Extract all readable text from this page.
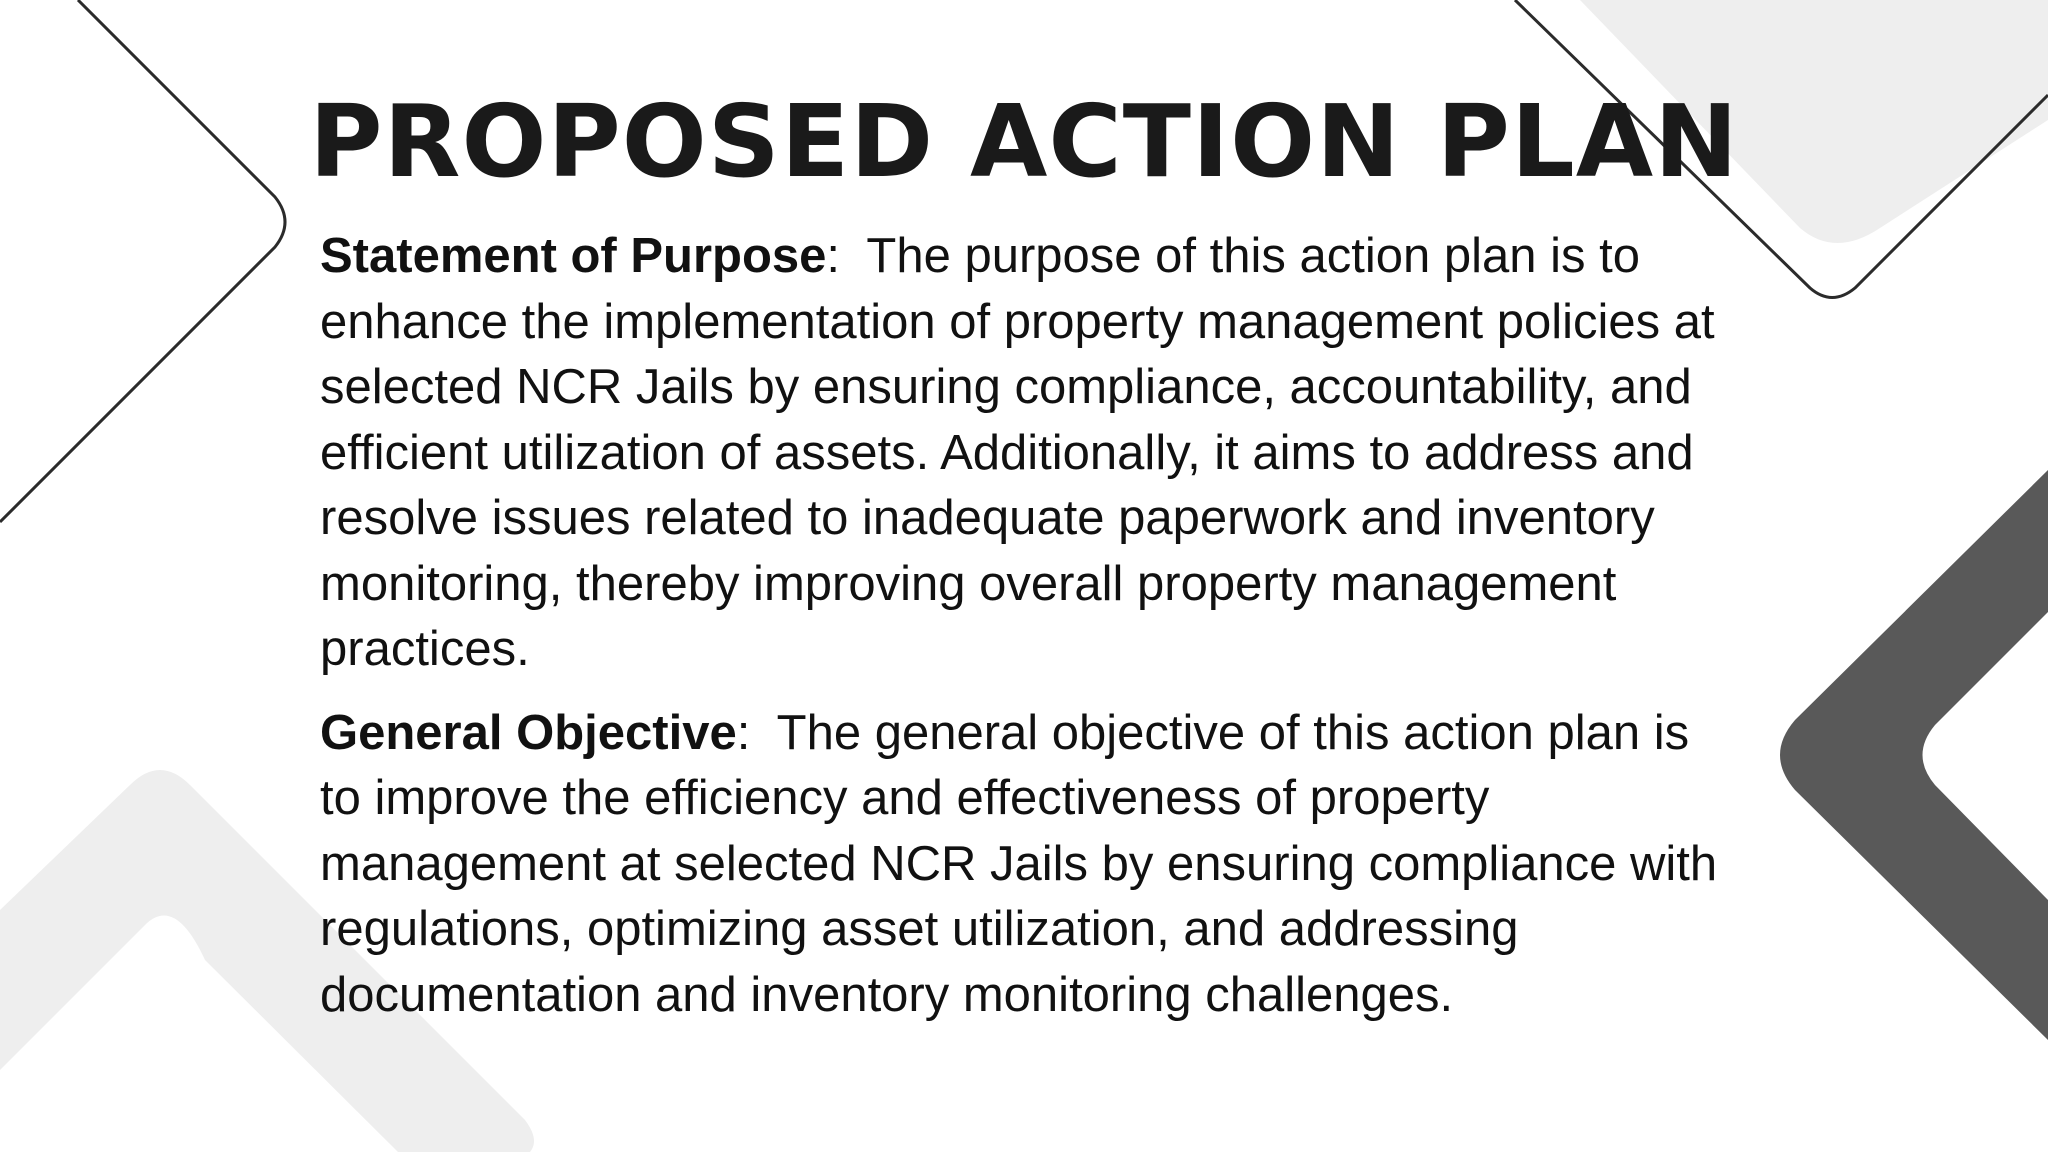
PROPOSED ACTION PLAN

Statement of Purpose:  The purpose of this action plan is to enhance the implementation of property management policies at selected NCR Jails by ensuring compliance, accountability, and efficient utilization of assets. Additionally, it aims to address and resolve issues related to inadequate paperwork and inventory monitoring, thereby improving overall property management practices.

General Objective:  The general objective of this action plan is to improve the efficiency and effectiveness of property management at selected NCR Jails by ensuring compliance with regulations, optimizing asset utilization, and addressing documentation and inventory monitoring challenges.
